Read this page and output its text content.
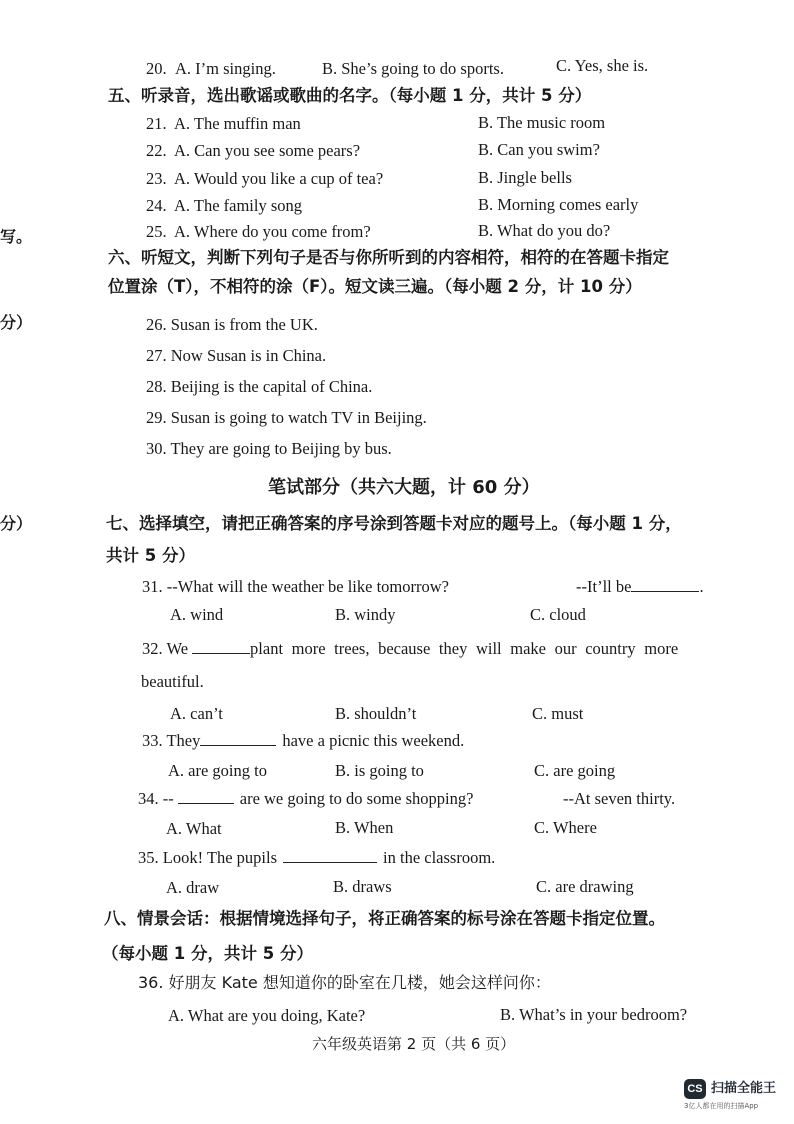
写。
分）
分）
20. A. I’m singing.	B. She’s going to do sports.	C. Yes, she is.
五、听录音，选出歌谣或歌曲的名字。（每小题 1 分，共计 5 分）
21. A. The muffin man	B. The music room
22. A. Can you see some pears?	B. Can you swim?
23. A. Would you like a cup of tea?	B. Jingle bells
24. A. The family song	B. Morning comes early
25. A. Where do you come from?	B. What do you do?
六、听短文，判断下列句子是否与你所听到的内容相符，相符的在答题卡指定
位置涂（T），不相符的涂（F）。短文读三遍。（每小题 2 分，计 10 分）
26. Susan is from the UK.
27. Now Susan is in China.
28. Beijing is the capital of China.
29. Susan is going to watch TV in Beijing.
30. They are going to Beijing by bus.
笔试部分（共六大题，计 60 分）
七、选择填空，请把正确答案的序号涂到答题卡对应的题号上。（每小题 1 分，
共计 5 分）
31. --What will the weather be like tomorrow?	--It’ll be	.
A. wind	B. windy	C. cloud
32. We	plant more trees, because they will make our country more
beautiful.
A. can’t	B. shouldn’t	C. must
33. They	have a picnic this weekend.
A. are going to	B. is going to	C. are going
34. --	are we going to do some shopping?	--At seven thirty.
A. What	B. When	C. Where
35. Look! The pupils	in the classroom.
A. draw	B. draws	C. are drawing
八、情景会话：根据情境选择句子，将正确答案的标号涂在答题卡指定位置。
（每小题 1 分，共计 5 分）
36. 好朋友 Kate 想知道你的卧室在几楼，她会这样问你：
A. What are you doing, Kate?	B. What’s in your bedroom?
六年级英语第 2 页（共 6 页）
CS 扫描全能王
3亿人都在用的扫描App
